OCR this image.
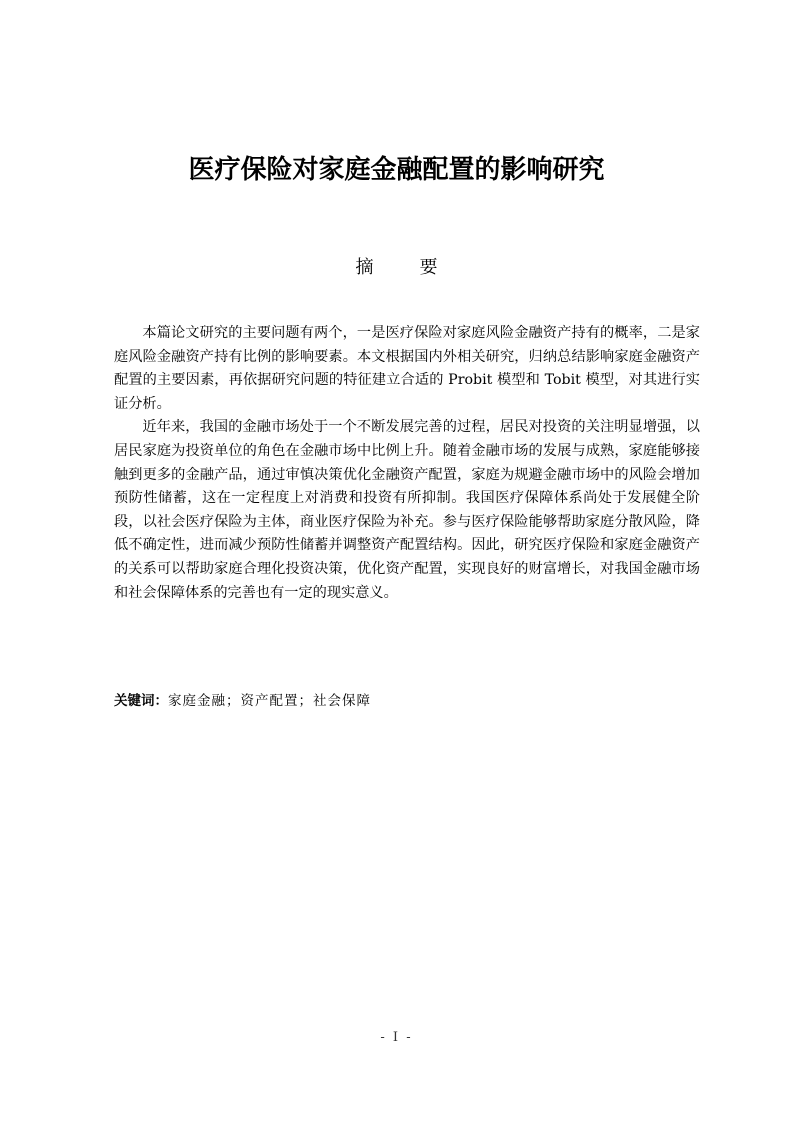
医疗保险对家庭金融配置的影响研究
摘	要

本篇论文研究的主要问题有两个，一是医疗保险对家庭风险金融资产持有的概率，二是家庭风险金融资产持有比例的影响要素。本文根据国内外相关研究，归纳总结影响家庭金融资产配置的主要因素，再依据研究问题的特征建立合适的 Probit 模型和 Tobit 模型，对其进行实证分析。

近年来，我国的金融市场处于一个不断发展完善的过程，居民对投资的关注明显增强，以居民家庭为投资单位的角色在金融市场中比例上升。随着金融市场的发展与成熟，家庭能够接触到更多的金融产品，通过审慎决策优化金融资产配置，家庭为规避金融市场中的风险会增加预防性储蓄，这在一定程度上对消费和投资有所抑制。我国医疗保障体系尚处于发展健全阶段，以社会医疗保险为主体，商业医疗保险为补充。参与医疗保险能够帮助家庭分散风险，降低不确定性，进而减少预防性储蓄并调整资产配置结构。因此，研究医疗保险和家庭金融资产的关系可以帮助家庭合理化投资决策，优化资产配置，实现良好的财富增长，对我国金融市场和社会保障体系的完善也有一定的现实意义。

关键词：家庭金融；资产配置；社会保障
- I -
